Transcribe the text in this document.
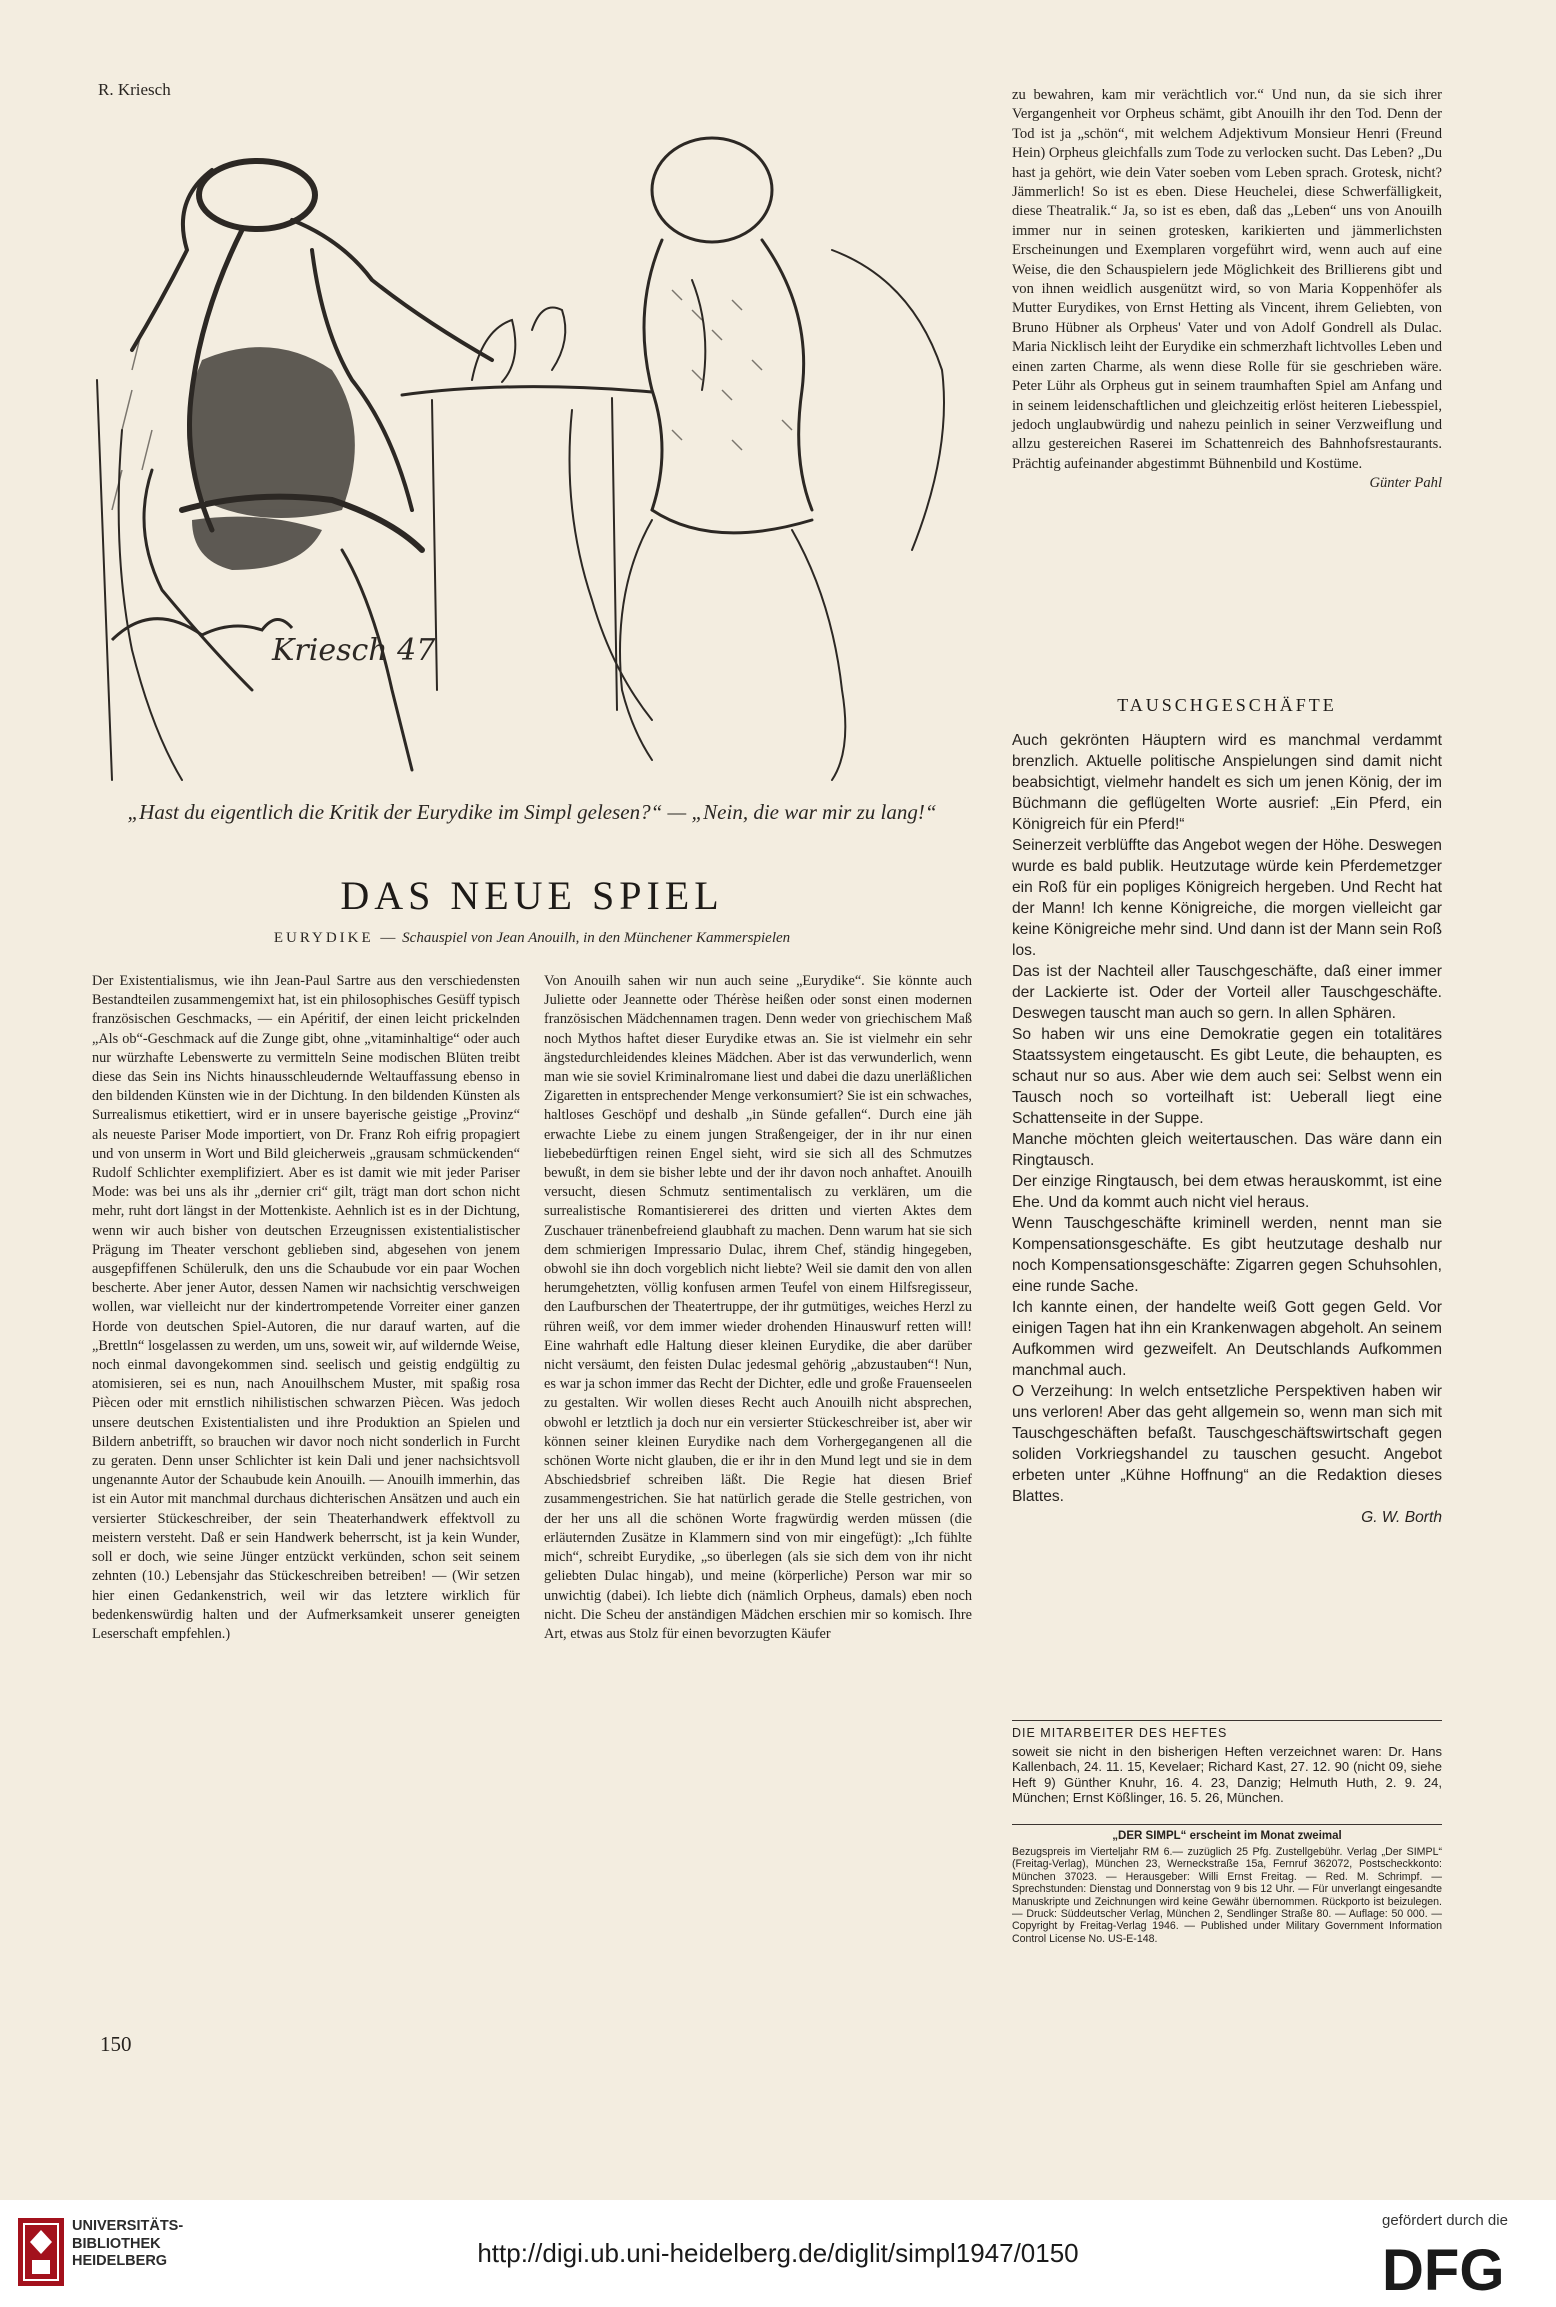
R. Kriesch
Kriesch 47
„Hast du eigentlich die Kritik der Eurydike im Simpl gelesen?“ — „Nein, die war mir zu lang!“
DAS NEUE SPIEL
EURYDIKE — Schauspiel von Jean Anouilh, in den Münchener Kammerspielen

Der Existentialismus, wie ihn Jean-Paul Sartre aus den verschiedensten Bestandteilen zusammengemixt hat, ist ein philosophisches Gesüff typisch französischen Geschmacks, — ein Apéritif, der einen leicht prickelnden „Als ob“-Geschmack auf die Zunge gibt, ohne „vitaminhaltige“ oder auch nur würzhafte Lebenswerte zu vermitteln Seine modischen Blüten treibt diese das Sein ins Nichts hinausschleudernde Weltauffassung ebenso in den bildenden Künsten wie in der Dichtung. In den bildenden Künsten als Surrealismus etikettiert, wird er in unsere bayerische geistige „Provinz“ als neueste Pariser Mode importiert, von Dr. Franz Roh eifrig propagiert und von unserm in Wort und Bild gleicherweis „grausam schmückenden“ Rudolf Schlichter exemplifiziert. Aber es ist damit wie mit jeder Pariser Mode: was bei uns als ihr „dernier cri“ gilt, trägt man dort schon nicht mehr, ruht dort längst in der Mottenkiste. Aehnlich ist es in der Dichtung, wenn wir auch bisher von deutschen Erzeugnissen existentialistischer Prägung im Theater verschont geblieben sind, abgesehen von jenem ausgepfiffenen Schülerulk, den uns die Schaubude vor ein paar Wochen bescherte. Aber jener Autor, dessen Namen wir nachsichtig verschweigen wollen, war vielleicht nur der kindertrompetende Vorreiter einer ganzen Horde von deutschen Spiel-Autoren, die nur darauf warten, auf die „Brettln“ losgelassen zu werden, um uns, soweit wir, auf wildernde Weise, noch einmal davongekommen sind. seelisch und geistig endgültig zu atomisieren, sei es nun, nach Anouilhschem Muster, mit spaßig rosa Piècen oder mit ernstlich nihilistischen schwarzen Piècen. Was jedoch unsere deutschen Existentialisten und ihre Produktion an Spielen und Bildern anbetrifft, so brauchen wir davor noch nicht sonderlich in Furcht zu geraten. Denn unser Schlichter ist kein Dali und jener nachsichtsvoll ungenannte Autor der Schaubude kein Anouilh. — Anouilh immerhin, das ist ein Autor mit manchmal durchaus dichterischen Ansätzen und auch ein versierter Stückeschreiber, der sein Theaterhandwerk effektvoll zu meistern versteht. Daß er sein Handwerk beherrscht, ist ja kein Wunder, soll er doch, wie seine Jünger entzückt verkünden, schon seit seinem zehnten (10.) Lebensjahr das Stückeschreiben betreiben! — (Wir setzen hier einen Gedankenstrich, weil wir das letztere wirklich für bedenkenswürdig halten und der Aufmerksamkeit unserer geneigten Leserschaft empfehlen.)

Von Anouilh sahen wir nun auch seine „Eurydike“. Sie könnte auch Juliette oder Jeannette oder Thérèse heißen oder sonst einen modernen französischen Mädchennamen tragen. Denn weder von griechischem Maß noch Mythos haftet dieser Eurydike etwas an. Sie ist vielmehr ein sehr ängstedurchleidendes kleines Mädchen. Aber ist das verwunderlich, wenn man wie sie soviel Kriminalromane liest und dabei die dazu unerläßlichen Zigaretten in entsprechender Menge verkonsumiert? Sie ist ein schwaches, haltloses Geschöpf und deshalb „in Sünde gefallen“. Durch eine jäh erwachte Liebe zu einem jungen Straßengeiger, der in ihr nur einen liebebedürftigen reinen Engel sieht, wird sie sich all des Schmutzes bewußt, in dem sie bisher lebte und der ihr davon noch anhaftet. Anouilh versucht, diesen Schmutz sentimentalisch zu verklären, um die surrealistische Romantisiererei des dritten und vierten Aktes dem Zuschauer tränenbefreiend glaubhaft zu machen. Denn warum hat sie sich dem schmierigen Impressario Dulac, ihrem Chef, ständig hingegeben, obwohl sie ihn doch vorgeblich nicht liebte? Weil sie damit den von allen herumgehetzten, völlig konfusen armen Teufel von einem Hilfsregisseur, den Laufburschen der Theatertruppe, der ihr gutmütiges, weiches Herzl zu rühren weiß, vor dem immer wieder drohenden Hinauswurf retten will! Eine wahrhaft edle Haltung dieser kleinen Eurydike, die aber darüber nicht versäumt, den feisten Dulac jedesmal gehörig „abzustauben“! Nun, es war ja schon immer das Recht der Dichter, edle und große Frauenseelen zu gestalten. Wir wollen dieses Recht auch Anouilh nicht absprechen, obwohl er letztlich ja doch nur ein versierter Stückeschreiber ist, aber wir können seiner kleinen Eurydike nach dem Vorhergegangenen all die schönen Worte nicht glauben, die er ihr in den Mund legt und sie in dem Abschiedsbrief schreiben läßt. Die Regie hat diesen Brief zusammengestrichen. Sie hat natürlich gerade die Stelle gestrichen, von der her uns all die schönen Worte fragwürdig werden müssen (die erläuternden Zusätze in Klammern sind von mir eingefügt): „Ich fühlte mich“, schreibt Eurydike, „so überlegen (als sie sich dem von ihr nicht geliebten Dulac hingab), und meine (körperliche) Person war mir so unwichtig (dabei). Ich liebte dich (nämlich Orpheus, damals) eben noch nicht. Die Scheu der anständigen Mädchen erschien mir so komisch. Ihre Art, etwas aus Stolz für einen bevorzugten Käufer

zu bewahren, kam mir verächtlich vor.“ Und nun, da sie sich ihrer Vergangenheit vor Orpheus schämt, gibt Anouilh ihr den Tod. Denn der Tod ist ja „schön“, mit welchem Adjektivum Monsieur Henri (Freund Hein) Orpheus gleichfalls zum Tode zu verlocken sucht. Das Leben? „Du hast ja gehört, wie dein Vater soeben vom Leben sprach. Grotesk, nicht? Jämmerlich! So ist es eben. Diese Heuchelei, diese Schwerfälligkeit, diese Theatralik.“ Ja, so ist es eben, daß das „Leben“ uns von Anouilh immer nur in seinen grotesken, karikierten und jämmerlichsten Erscheinungen und Exemplaren vorgeführt wird, wenn auch auf eine Weise, die den Schauspielern jede Möglichkeit des Brillierens gibt und von ihnen weidlich ausgenützt wird, so von Maria Koppenhöfer als Mutter Eurydikes, von Ernst Hetting als Vincent, ihrem Geliebten, von Bruno Hübner als Orpheus' Vater und von Adolf Gondrell als Dulac. Maria Nicklisch leiht der Eurydike ein schmerzhaft lichtvolles Leben und einen zarten Charme, als wenn diese Rolle für sie geschrieben wäre. Peter Lühr als Orpheus gut in seinem traumhaften Spiel am Anfang und in seinem leidenschaftlichen und gleichzeitig erlöst heiteren Liebesspiel, jedoch unglaubwürdig und nahezu peinlich in seiner Verzweiflung und allzu gestereichen Raserei im Schattenreich des Bahnhofsrestaurants. Prächtig aufeinander abgestimmt Bühnenbild und Kostüme.

Günter Pahl

TAUSCHGESCHÄFTE

Auch gekrönten Häuptern wird es manchmal verdammt brenzlich. Aktuelle politische Anspielungen sind damit nicht beabsichtigt, vielmehr handelt es sich um jenen König, der im Büchmann die geflügelten Worte ausrief: „Ein Pferd, ein Königreich für ein Pferd!“

Seinerzeit verblüffte das Angebot wegen der Höhe. Deswegen wurde es bald publik. Heutzutage würde kein Pferdemetzger ein Roß für ein popliges Königreich hergeben. Und Recht hat der Mann! Ich kenne Königreiche, die morgen vielleicht gar keine Königreiche mehr sind. Und dann ist der Mann sein Roß los.

Das ist der Nachteil aller Tauschgeschäfte, daß einer immer der Lackierte ist. Oder der Vorteil aller Tauschgeschäfte. Deswegen tauscht man auch so gern. In allen Sphären.

So haben wir uns eine Demokratie gegen ein totalitäres Staatssystem eingetauscht. Es gibt Leute, die behaupten, es schaut nur so aus. Aber wie dem auch sei: Selbst wenn ein Tausch noch so vorteilhaft ist: Ueberall liegt eine Schattenseite in der Suppe.

Manche möchten gleich weitertauschen. Das wäre dann ein Ringtausch.

Der einzige Ringtausch, bei dem etwas herauskommt, ist eine Ehe. Und da kommt auch nicht viel heraus.

Wenn Tauschgeschäfte kriminell werden, nennt man sie Kompensationsgeschäfte. Es gibt heutzutage deshalb nur noch Kompensationsgeschäfte: Zigarren gegen Schuhsohlen, eine runde Sache.

Ich kannte einen, der handelte weiß Gott gegen Geld. Vor einigen Tagen hat ihn ein Krankenwagen abgeholt. An seinem Aufkommen wird gezweifelt. An Deutschlands Aufkommen manchmal auch.

O Verzeihung: In welch entsetzliche Perspektiven haben wir uns verloren! Aber das geht allgemein so, wenn man sich mit Tauschgeschäften befaßt. Tauschgeschäftswirtschaft gegen soliden Vorkriegshandel zu tauschen gesucht. Angebot erbeten unter „Kühne Hoffnung“ an die Redaktion dieses Blattes.

G. W. Borth

DIE MITARBEITER DES HEFTES
soweit sie nicht in den bisherigen Heften verzeichnet waren: Dr. Hans Kallenbach, 24. 11. 15, Kevelaer; Richard Kast, 27. 12. 90 (nicht 09, siehe Heft 9) Günther Knuhr, 16. 4. 23, Danzig; Helmuth Huth, 2. 9. 24, München; Ernst Kößlinger, 16. 5. 26, München.
„DER SIMPL“ erscheint im Monat zweimal
Bezugspreis im Vierteljahr RM 6.— zuzüglich 25 Pfg. Zustellgebühr. Verlag „Der SIMPL“ (Freitag-Verlag), München 23, Werneckstraße 15a, Fernruf 362072, Postscheckkonto: München 37023. — Herausgeber: Willi Ernst Freitag. — Red. M. Schrimpf. — Sprechstunden: Dienstag und Donnerstag von 9 bis 12 Uhr. — Für unverlangt eingesandte Manuskripte und Zeichnungen wird keine Gewähr übernommen. Rückporto ist beizulegen. — Druck: Süddeutscher Verlag, München 2, Sendlinger Straße 80. — Auflage: 50 000. — Copyright by Freitag-Verlag 1946. — Published under Military Government Information Control License No. US-E-148.
150
UNIVERSITÄTS-
BIBLIOTHEK
HEIDELBERG	http://digi.ub.uni-heidelberg.de/diglit/simpl1947/0150
gefördert durch die
DFG
